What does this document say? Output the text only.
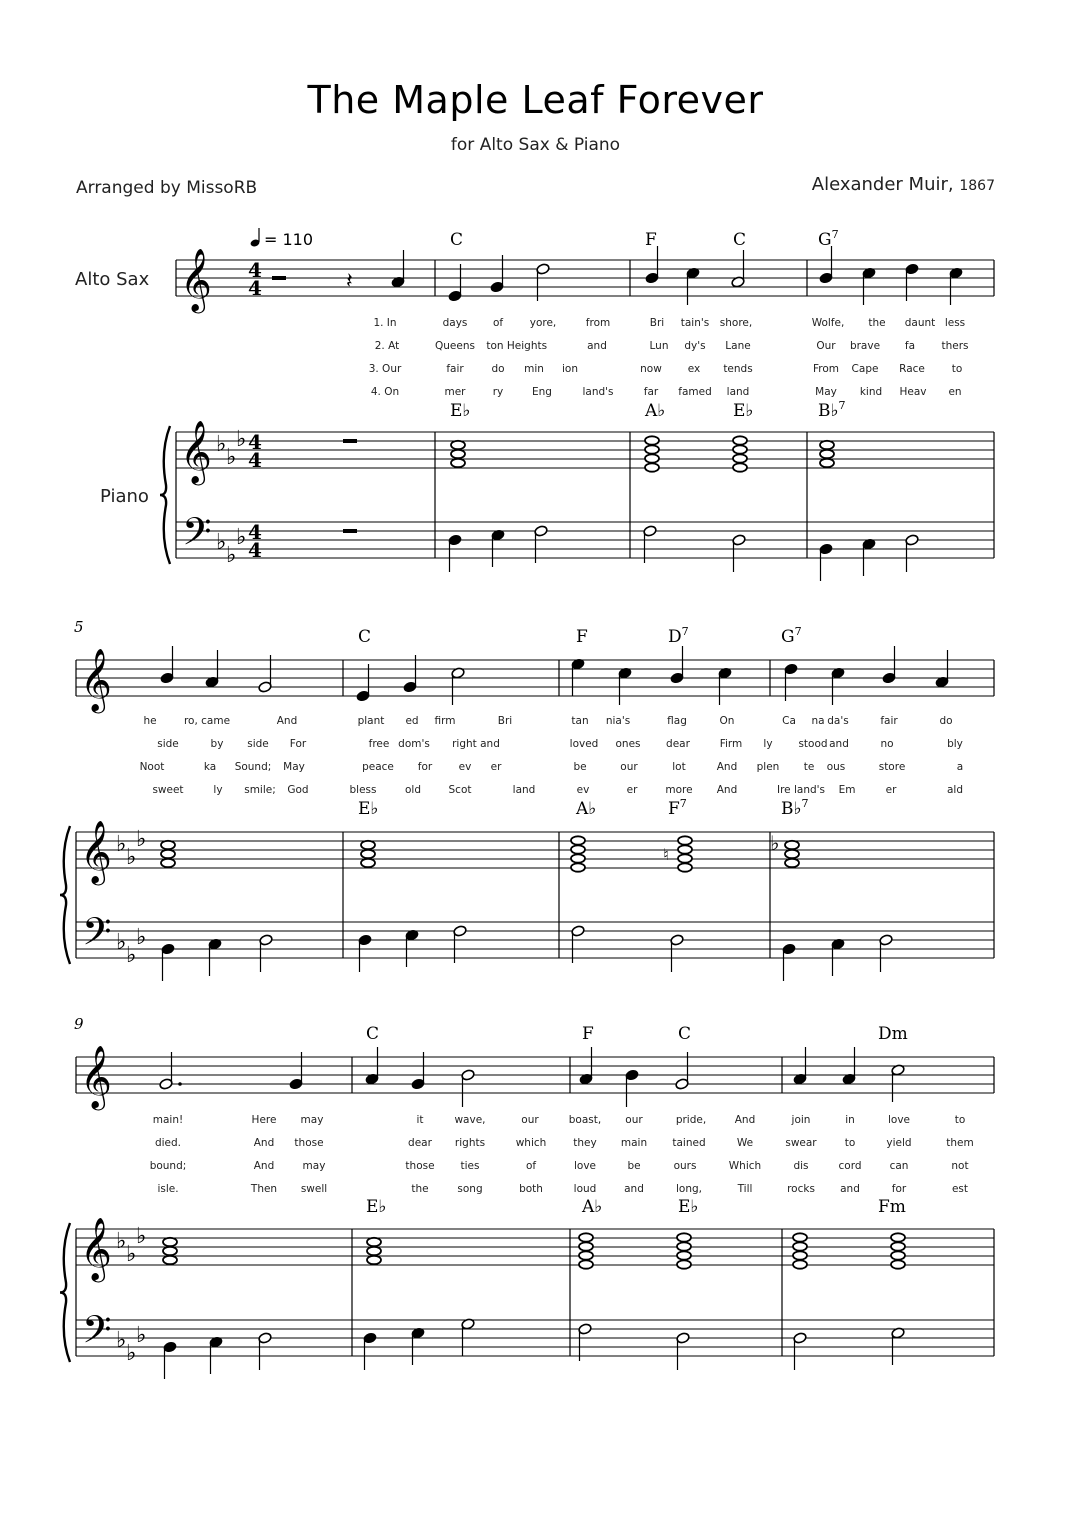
The Maple Leaf Forever
for Alto Sax & Piano
Arranged by MissoRB	Alexander Muir, 1867
Alto Sax
Piano
= 110
𝄞
𝄞
𝄢
♭
♭
♭
♭
♭
♭
4
4
4
4
4
4
C	F	C	$G^7$
E♭	A♭	E♭	B♭$^7$
1. In	days of	yore,	from	Bri tain's shore,	Wolfe, the daunt less
2. At	Queens ton Heights	and	Lun dy's Lane	Our brave fa	thers
3. Our	fair	do min ion	now ex tends	From Cape Race	to
4. On	mer	ry	Eng	land's	far famed land	May kind Heav en
𝄞
𝄞
𝄢
♭
♭
♭
♭
♭
♭
5	C	F	$D^7$	$G^7$
E♭	A♭	$F^7$	B♭$^7$
he	ro, came	And	plant ed firm	Bri	tan nia's	flag	On	Ca na da's	fair	do
side	by side For	free dom's right and	loved ones dear	Firm ly stood and	no	bly
Noot	ka Sound; May	peace for	ev er	be	our	lot	And plen te ous	store	a
sweet	ly smile; God	bless	old	Scot	land	ev	er	more And	Ire land's Em	er	ald
𝄞
𝄞
𝄢
♭
♭
♭
♭
♭
♭
9	C	F	C	Dm
E♭	A♭	E♭	Fm
main!	Here may	it	wave,	our	boast, our	pride,	And	join	in	love	to
died.	And those	dear rights	which	they main tained	We	swear	to	yield	them
bound;	And	may	those ties	of	love	be	ours	Which	dis	cord	can	not
isle.	Then swell	the	song	both	loud	and	long,	Till	rocks and	for	est
𝄽
♮	♭
